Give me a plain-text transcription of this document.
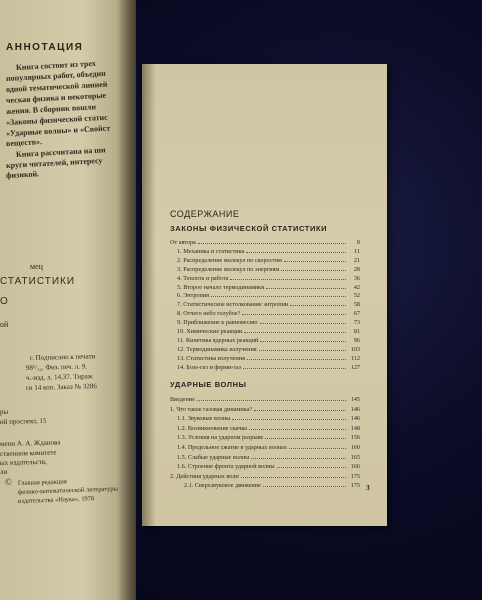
АННОТАЦИЯ
Книга состоит из трех
популярных работ, объедин
одной тематической линией
ческая физика и некоторые
жения. В сборник вошли
«Законы физической статис
«Ударные волны» и «Свойст
веществ».
Книга рассчитана на ши
круги читателей, интересу
физикой.
мец
СТАТИСТИКИ
О
ой
г. Подписано к печати
98¹/₃₂. Физ. печ. л. 9.
ч.-изд. л. 14,37. Тираж
ги 14 коп. Заказ № 3286
ры
ий проспект, 15
мени А. А. Жданова
ственном комитете
ых издательств,
ли
© Главная редакция
физико-математической литературы
издательства «Наука», 1978
СОДЕРЖАНИЕ
ЗАКОНЫ ФИЗИЧЕСКОЙ СТАТИСТИКИ
От автора	9
1. Механика и статистика	11
2. Распределение молекул по скоростям	21
3. Распределение молекул по энергиям	28
4. Теплота и работа	36
5. Второе начало термодинамики	42
6. Энтропия	52
7. Статистическое истолкование энтропии	58
8. Отчего небо голубое?	67
9. Приближение к равновесию	73
10. Химические реакции	81
11. Кинетика ядерных реакций	96
12. Термодинамика излучения	103
13. Статистика излучения	112
14. Бозе-газ и ферми-газ	127
УДАРНЫЕ ВОЛНЫ
Введение	145
1. Что такое газовая динамика?	146
1.1. Звуковые волны	146
1.2. Возникновение скачка	148
1.3. Условия на ударном разрыве	156
1.4. Предельное сжатие в ударных волнах	160
1.5. Слабые ударные волны	165
1.6. Строение фронта ударной волны	166
2. Действия ударных волн	175
2.1. Сверхзвуковое движение	175 3
